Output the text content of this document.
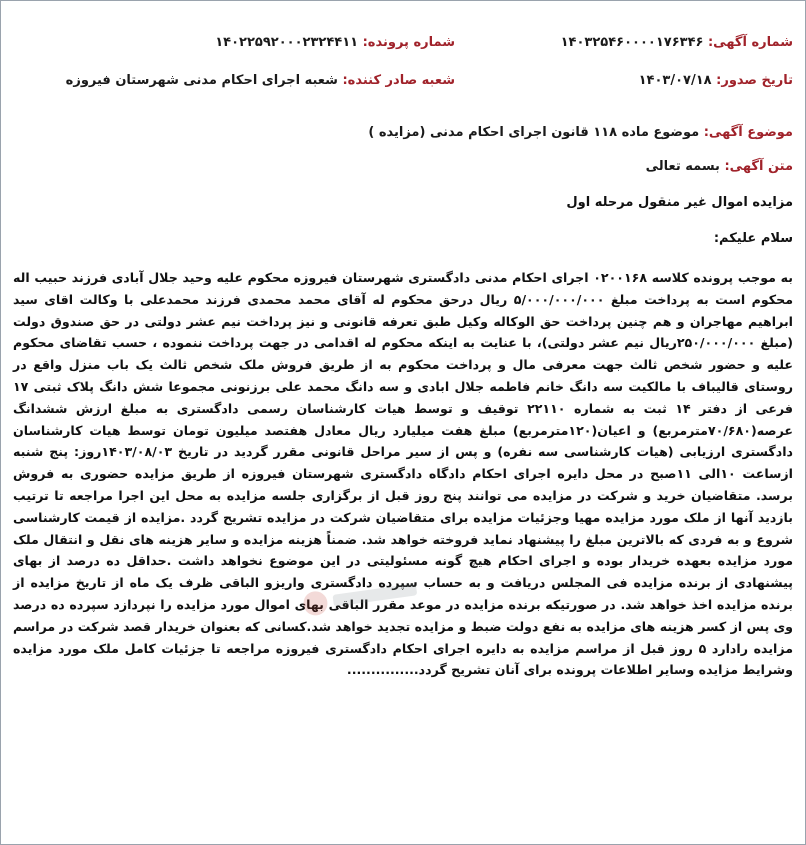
شماره آگهی: ۱۴۰۳۲۵۴۶۰۰۰۰۱۷۶۳۴۶
شماره پرونده: ۱۴۰۲۲۵۹۲۰۰۰۲۳۲۴۴۱۱
تاریخ صدور: ۱۴۰۳/۰۷/۱۸
شعبه صادر کننده: شعبه اجرای احکام مدنی شهرستان فیروزه
موضوع آگهی: موضوع ماده ۱۱۸ قانون اجرای احکام مدنی (مزایده )
متن آگهی: بسمه تعالی
مزایده اموال غیر منقول مرحله اول
سلام علیکم:
به موجب پرونده کلاسه ۰۲۰۰۱۶۸ اجرای احکام مدنی دادگستری شهرستان فیروزه محکوم علیه وحید جلال آبادی فرزند حبیب اله محکوم است به پرداخت مبلغ ۵/۰۰۰/۰۰۰/۰۰۰ ریال درحق محکوم له آقای محمد محمدی فرزند محمدعلی با وکالت اقای سید ابراهیم مهاجران و هم چنین پرداخت حق الوکاله وکیل طبق تعرفه قانونی و نیز پرداخت نیم عشر دولتی در حق صندوق دولت (مبلغ ۲۵۰/۰۰۰/۰۰۰ریال نیم عشر دولتی)، با عنایت به اینکه محکوم له اقدامی در جهت پرداخت ننموده ، حسب تقاضای محکوم علیه و حضور شخص ثالث جهت معرفی مال و پرداخت محکوم به از طریق فروش ملک شخص ثالث یک باب منزل واقع در روستای قالیباف با مالکیت سه دانگ خانم فاطمه جلال ابادی و سه دانگ محمد علی برزنونی مجموعا شش دانگ پلاک ثبتی ۱۷ فرعی از دفتر ۱۴ ثبت به شماره ۲۲۱۱۰ توقیف و توسط هیات کارشناسان رسمی دادگستری به مبلغ ارزش ششدانگ عرصه(۷۰/۶۸۰مترمربع) و اعیان(۱۲۰مترمربع) مبلغ هفت میلیارد ریال معادل هفتصد میلیون تومان توسط هیات کارشناسان دادگستری ارزیابی (هیات کارشناسی سه نفره) و پس از سیر مراحل قانونی مقرر گردید در تاریخ ۱۴۰۳/۰۸/۰۳روز: پنج شنبه ازساعت ۱۰الی ۱۱صبح در محل دایره اجرای احکام دادگاه دادگستری شهرستان فیروزه از طریق مزایده حضوری به فروش برسد. متقاضیان خرید و شرکت در مزایده می توانند پنج روز قبل از برگزاری جلسه مزایده به محل این اجرا مراجعه تا ترتیب بازدید آنها از ملک مورد مزایده مهیا وجزئیات مزایده برای متقاضیان شرکت در مزایده تشریح گردد .مزایده از قیمت کارشناسی شروع و به فردی که بالاترین مبلغ را پیشنهاد نماید فروخته خواهد شد. ضمناً هزینه مزایده و سایر هزینه های نقل و انتقال ملک مورد مزایده بعهده خریدار بوده و اجرای احکام هیچ گونه مسئولیتی در این موضوع نخواهد داشت .حداقل ده درصد از بهای پیشنهادی از برنده مزایده فی المجلس دریافت و به حساب سپرده دادگستری واریزو الباقی ظرف یک ماه از تاریخ مزایده از برنده مزایده اخذ خواهد شد. در صورتیکه برنده مزایده در موعد مقرر الباقی بهای اموال مورد مزایده را نپردازد سپرده ده درصد وی پس از کسر هزینه های مزایده به نفع دولت ضبط و مزایده تجدید خواهد شد.کسانی که بعنوان خریدار قصد شرکت در مراسم مزایده رادارد ۵ روز قبل از مراسم مزایده به دایره اجرای احکام دادگستری فیروزه مراجعه تا جزئیات کامل ملک مورد مزایده وشرایط مزایده وسایر اطلاعات پرونده برای آنان تشریح گردد...............
